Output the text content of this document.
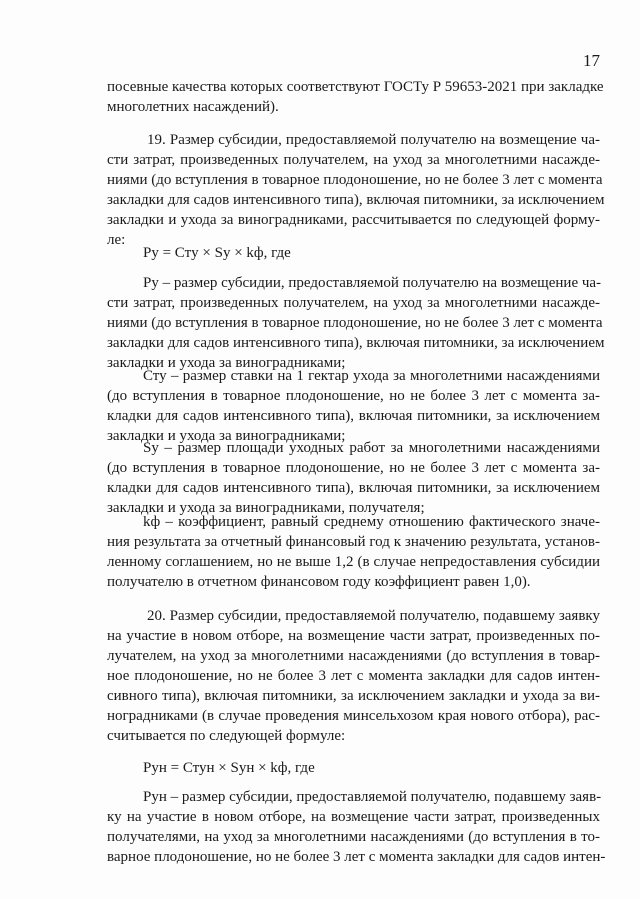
17
посевные качества которых соответствуют ГОСТу Р 59653-2021 при закладке
многолетних насаждений).
19. Размер субсидии, предоставляемой получателю на возмещение ча-
сти затрат, произведенных получателем, на уход за многолетними насажде-
ниями (до вступления в товарное плодоношение, но не более 3 лет с момента
закладки для садов интенсивного типа), включая питомники, за исключением
закладки и ухода за виноградниками, рассчитывается по следующей форму-
ле:
Pу = Стy × Sу × kф, где
Pу – размер субсидии, предоставляемой получателю на возмещение ча-
сти затрат, произведенных получателем, на уход за многолетними насажде-
ниями (до вступления в товарное плодоношение, но не более 3 лет с момента
закладки для садов интенсивного типа), включая питомники, за исключением
закладки и ухода за виноградниками;
Сту – размер ставки на 1 гектар ухода за многолетними насаждениями
(до вступления в товарное плодоношение, но не более 3 лет с момента за-
кладки для садов интенсивного типа), включая питомники, за исключением
закладки и ухода за виноградниками;
Sу – размер площади уходных работ за многолетними насаждениями
(до вступления в товарное плодоношение, но не более 3 лет с момента за-
кладки для садов интенсивного типа), включая питомники, за исключением
закладки и ухода за виноградниками, получателя;
kф – коэффициент, равный среднему отношению фактического значе-
ния результата за отчетный финансовый год к значению результата, установ-
ленному соглашением, но не выше 1,2 (в случае непредоставления субсидии
получателю в отчетном финансовом году коэффициент равен 1,0).
20. Размер субсидии, предоставляемой получателю, подавшему заявку
на участие в новом отборе, на возмещение части затрат, произведенных по-
лучателем, на уход за многолетними насаждениями (до вступления в товар-
ное плодоношение, но не более 3 лет с момента закладки для садов интен-
сивного типа), включая питомники, за исключением закладки и ухода за ви-
ноградниками (в случае проведения минсельхозом края нового отбора), рас-
считывается по следующей формуле:
Pун = Стун × Sун × kф, где
Pун – размер субсидии, предоставляемой получателю, подавшему заяв-
ку на участие в новом отборе, на возмещение части затрат, произведенных
получателями, на уход за многолетними насаждениями (до вступления в то-
варное плодоношение, но не более 3 лет с момента закладки для садов интен-
